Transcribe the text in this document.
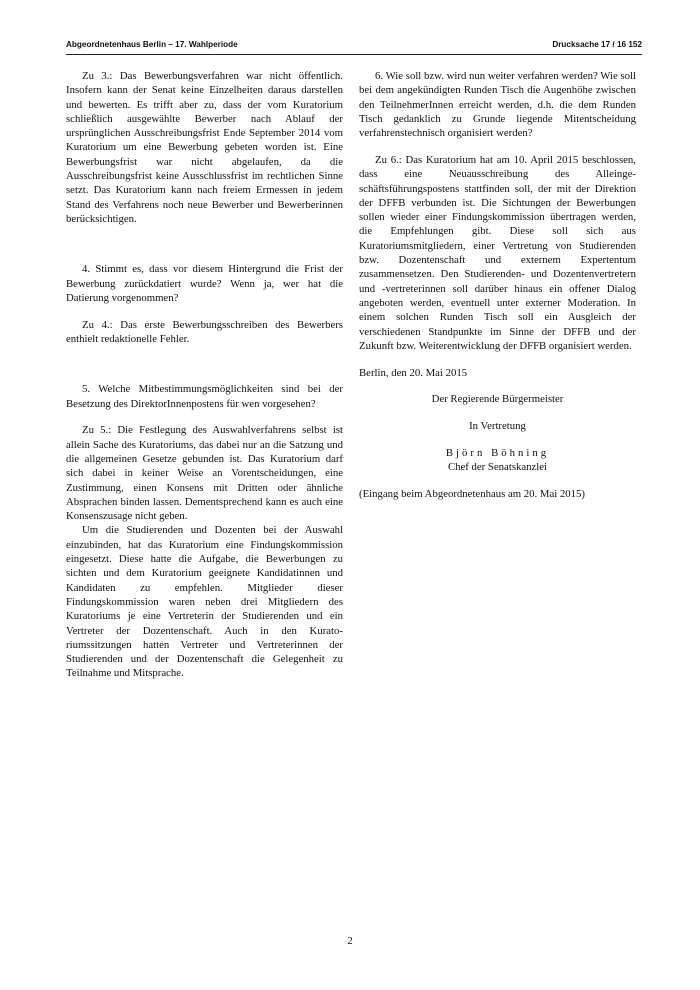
Abgeordnetenhaus Berlin – 17. Wahlperiode	Drucksache 17 / 16 152

Zu 3.: Das Bewerbungsverfahren war nicht öffentlich. Insofern kann der Senat keine Einzelheiten daraus darstellen und bewerten. Es trifft aber zu, dass der vom Kuratorium schließlich ausgewählte Bewerber nach Ablauf der ursprünglichen Ausschreibungsfrist Ende September 2014 vom Kuratorium um eine Bewerbung gebeten worden ist. Eine Bewerbungsfrist war nicht abgelaufen, da die Ausschreibungsfrist keine Ausschlussfrist im rechtlichen Sinne setzt. Das Kuratorium kann nach freiem Ermessen in jedem Stand des Verfahrens noch neue Bewerber und Bewerberinnen berücksichtigen.

4. Stimmt es, dass vor diesem Hintergrund die Frist der Bewerbung zurückdatiert wurde? Wenn ja, wer hat die Datierung vorgenommen?

Zu 4.: Das erste Bewerbungsschreiben des Bewerbers enthielt redaktionelle Fehler.

5. Welche Mitbestimmungsmöglichkeiten sind bei der Besetzung des DirektorInnenpostens für wen vorgesehen?

Zu 5.: Die Festlegung des Auswahlverfahrens selbst ist allein Sache des Kuratoriums, das dabei nur an die Satzung und die allgemeinen Gesetze gebunden ist. Das Kuratorium darf sich dabei in keiner Weise an Vorentscheidungen, eine Zustimmung, einen Konsens mit Dritten oder ähnliche Absprachen binden lassen. Dementsprechend kann es auch eine Konsenszusage nicht geben.

Um die Studierenden und Dozenten bei der Auswahl einzubinden, hat das Kuratorium eine Findungskommission eingesetzt. Diese hatte die Aufgabe, die Bewerbungen zu sichten und dem Kuratorium geeignete Kandidatinnen und Kandidaten zu empfehlen. Mitglieder dieser Findungskommission waren neben drei Mitgliedern des Kuratoriums je eine Vertreterin der Studierenden und ein Vertreter der Dozentenschaft. Auch in den Kuratoriumssitzungen hatten Vertreter und Vertreterinnen der Studierenden und der Dozentenschaft die Gelegenheit zu Teilnahme und Mitsprache.

6. Wie soll bzw. wird nun weiter verfahren werden? Wie soll bei dem angekündigten Runden Tisch die Augenhöhe zwischen den TeilnehmerInnen erreicht werden, d.h. die dem Runden Tisch gedanklich zu Grunde liegende Mitentscheidung verfahrenstechnisch organisiert werden?

Zu 6.: Das Kuratorium hat am 10. April 2015 beschlossen, dass eine Neuausschreibung des Alleingeschäftsführungspostens stattfinden soll, der mit der Direktion der DFFB verbunden ist. Die Sichtungen der Bewerbungen sollen wieder einer Findungskommission übertragen werden, die Empfehlungen gibt. Diese soll sich aus Kuratoriumsmitgliedern, einer Vertretung von Studierenden bzw. Dozentenschaft und externem Expertentum zusammensetzen. Den Studierenden- und Dozentenvertretern und -vertreterinnen soll darüber hinaus ein offener Dialog angeboten werden, eventuell unter externer Moderation. In einem solchen Runden Tisch soll ein Ausgleich der verschiedenen Standpunkte im Sinne der DFFB und der Zukunft bzw. Weiterentwicklung der DFFB organisiert werden.

Berlin, den 20. Mai 2015

Der Regierende Bürgermeister

In Vertretung

Björn Böhning

Chef der Senatskanzlei

(Eingang beim Abgeordnetenhaus am 20. Mai 2015)

2
